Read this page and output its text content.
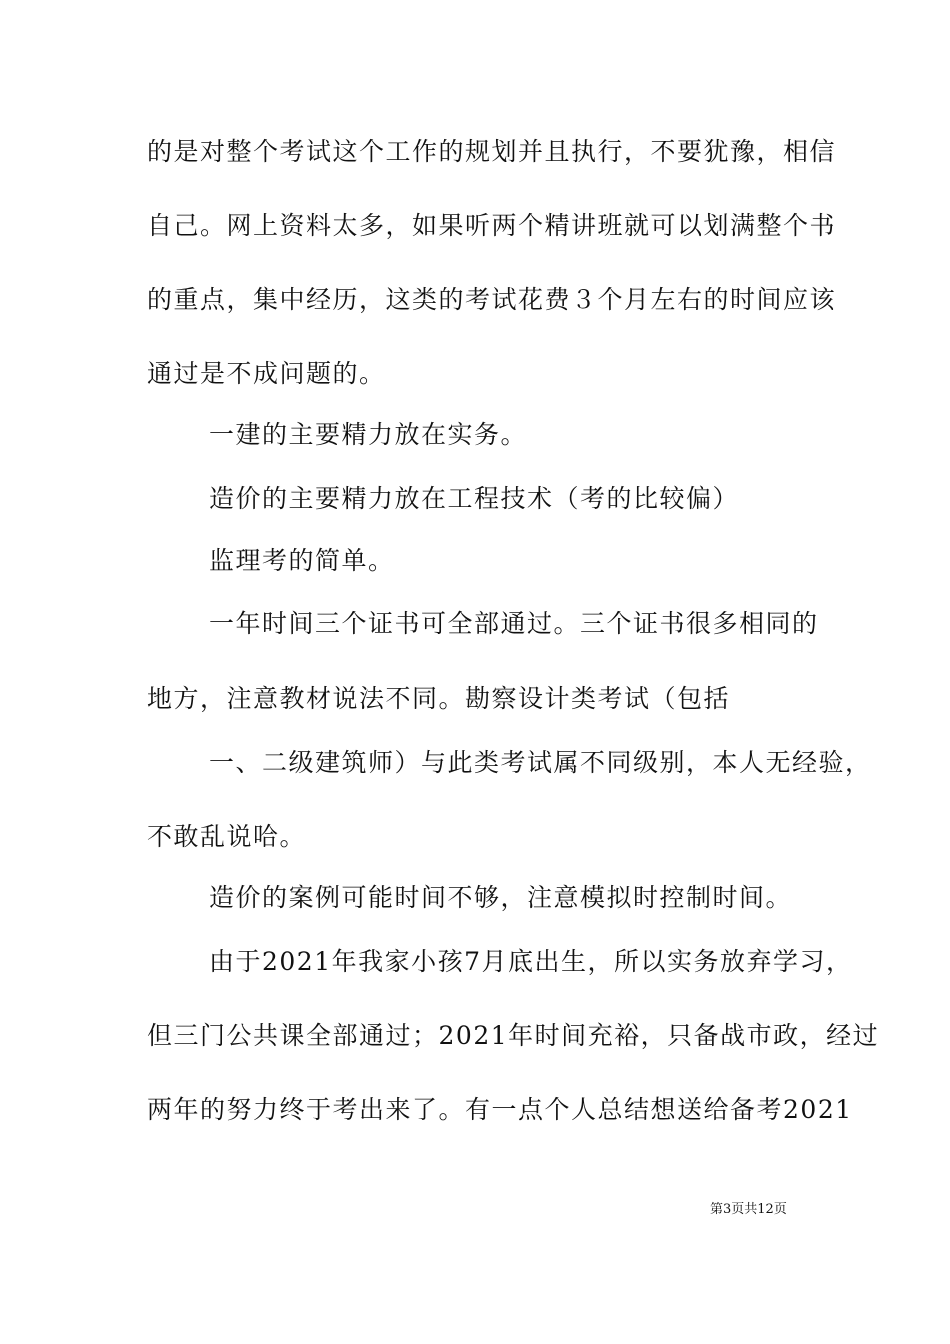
的是对整个考试这个工作的规划并且执行，不要犹豫，相信
自己。网上资料太多，如果听两个精讲班就可以划满整个书
的重点，集中经历，这类的考试花费３个月左右的时间应该
通过是不成问题的。
一建的主要精力放在实务。
造价的主要精力放在工程技术（考的比较偏）
监理考的简单。
一年时间三个证书可全部通过。三个证书很多相同的
地方，注意教材说法不同。勘察设计类考试（包括
一、二级建筑师）与此类考试属不同级别，本人无经验，
不敢乱说哈。
造价的案例可能时间不够，注意模拟时控制时间。
由于2021年我家小孩7月底出生，所以实务放弃学习，
但三门公共课全部通过；2021年时间充裕，只备战市政，经过
两年的努力终于考出来了。有一点个人总结想送给备考2021
第3页共12页
